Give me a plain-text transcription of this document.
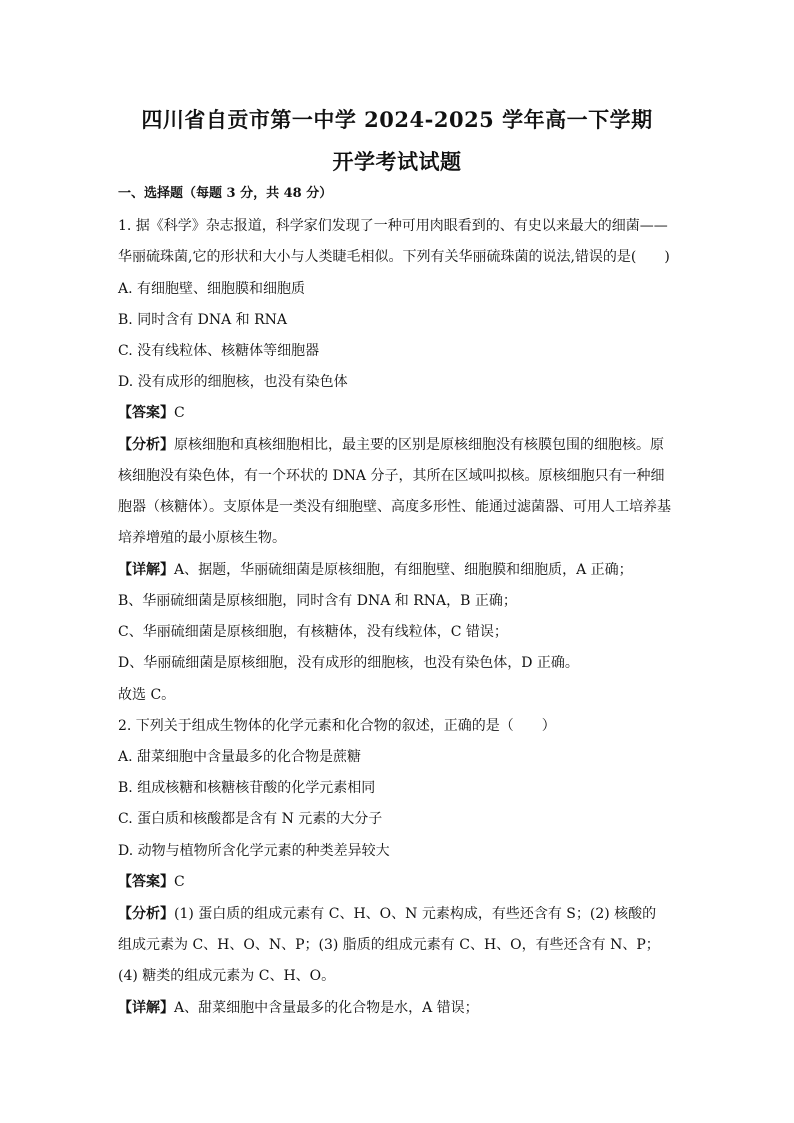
四川省自贡市第一中学 2024-2025 学年高一下学期
开学考试试题
一、选择题（每题 3 分，共 48 分）
1. 据《科学》杂志报道，科学家们发现了一种可用肉眼看到的、有史以来最大的细菌——
华丽硫珠菌,它的形状和大小与人类睫毛相似。下列有关华丽硫珠菌的说法,错误的是(　　)
A. 有细胞壁、细胞膜和细胞质
B. 同时含有 DNA 和 RNA
C. 没有线粒体、核糖体等细胞器
D. 没有成形的细胞核，也没有染色体
【答案】C
【分析】原核细胞和真核细胞相比，最主要的区别是原核细胞没有核膜包围的细胞核。原
核细胞没有染色体，有一个环状的 DNA 分子，其所在区域叫拟核。原核细胞只有一种细
胞器（核糖体）。支原体是一类没有细胞壁、高度多形性、能通过滤菌器、可用人工培养基
培养增殖的最小原核生物。
【详解】A、据题，华丽硫细菌是原核细胞，有细胞壁、细胞膜和细胞质，A 正确；
B、华丽硫细菌是原核细胞，同时含有 DNA 和 RNA，B 正确；
C、华丽硫细菌是原核细胞，有核糖体，没有线粒体，C 错误；
D、华丽硫细菌是原核细胞，没有成形的细胞核，也没有染色体，D 正确。
故选 C。
2. 下列关于组成生物体的化学元素和化合物的叙述，正确的是（　　）
A. 甜菜细胞中含量最多的化合物是蔗糖
B. 组成核糖和核糖核苷酸的化学元素相同
C. 蛋白质和核酸都是含有 N 元素的大分子
D. 动物与植物所含化学元素的种类差异较大
【答案】C
【分析】(1) 蛋白质的组成元素有 C、H、O、N 元素构成，有些还含有 S；(2) 核酸的
组成元素为 C、H、O、N、P；(3) 脂质的组成元素有 C、H、O，有些还含有 N、P；
(4) 糖类的组成元素为 C、H、O。
【详解】A、甜菜细胞中含量最多的化合物是水，A 错误；
